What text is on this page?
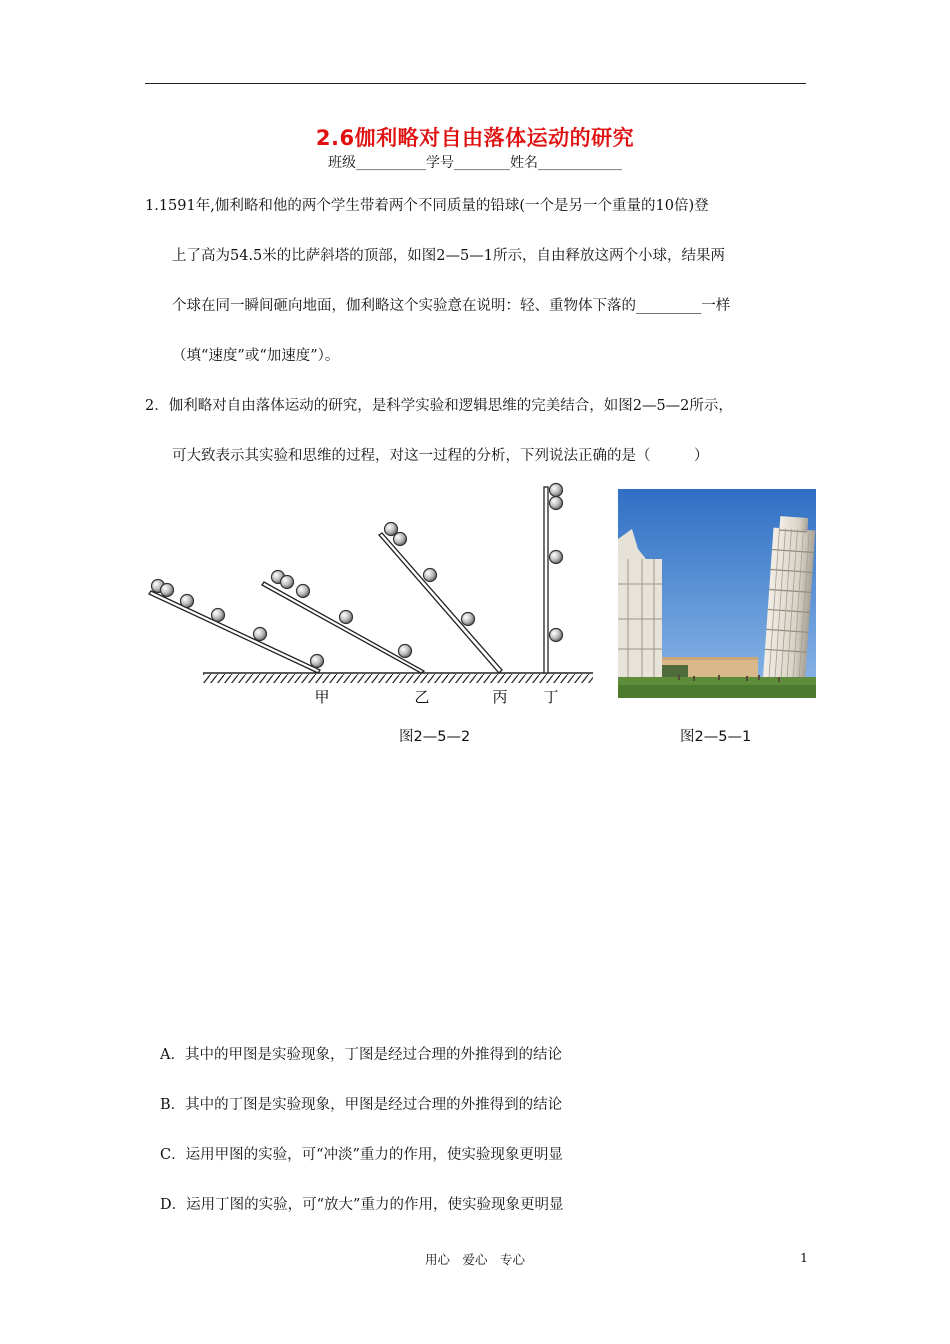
2.6伽利略对自由落体运动的研究
班级__________学号________姓名____________
1.1591年,伽利略和他的两个学生带着两个不同质量的铅球(一个是另一个重量的10倍)登
上了高为54.5米的比萨斜塔的顶部，如图2—5—1所示，自由释放这两个小球，结果两
个球在同一瞬间砸向地面，伽利略这个实验意在说明：轻、重物体下落的_________一样
（填“速度”或“加速度”）。
2．伽利略对自由落体运动的研究，是科学实验和逻辑思维的完美结合，如图2—5—2所示，
可大致表示其实验和思维的过程，对这一过程的分析，下列说法正确的是（　　　）
甲	乙	丙 丁
图2—5—2	图2—5—1
A．其中的甲图是实验现象，丁图是经过合理的外推得到的结论
B．其中的丁图是实验现象，甲图是经过合理的外推得到的结论
C．运用甲图的实验，可“冲淡”重力的作用，使实验现象更明显
D．运用丁图的实验，可“放大”重力的作用，使实验现象更明显
用心　爱心　专心	1
